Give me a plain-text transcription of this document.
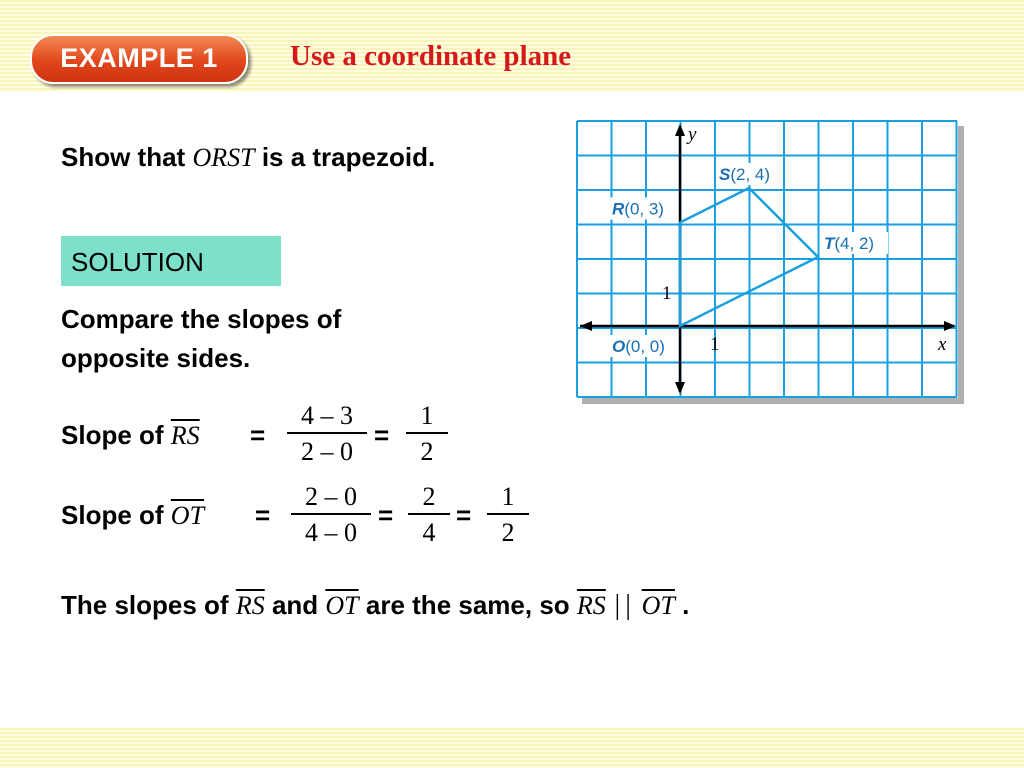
EXAMPLE 1	Use a coordinate plane
Show that ORST is a trapezoid.
SOLUTION
Compare the slopes of
opposite sides.
Slope of $\overline{RS}$ =
4 – 3
2 – 0
=
1
2
Slope of $\overline{OT}$ =
2 – 0
4 – 0
=
2
4
=
1
2
The slopes of $\overline{RS}$ and $\overline{OT}$ are the same, so $\overline{RS}$ || $\overline{OT}$ .
y
x
1
1
S(2, 4)
R(0, 3)
T(4, 2)
O(0, 0)
